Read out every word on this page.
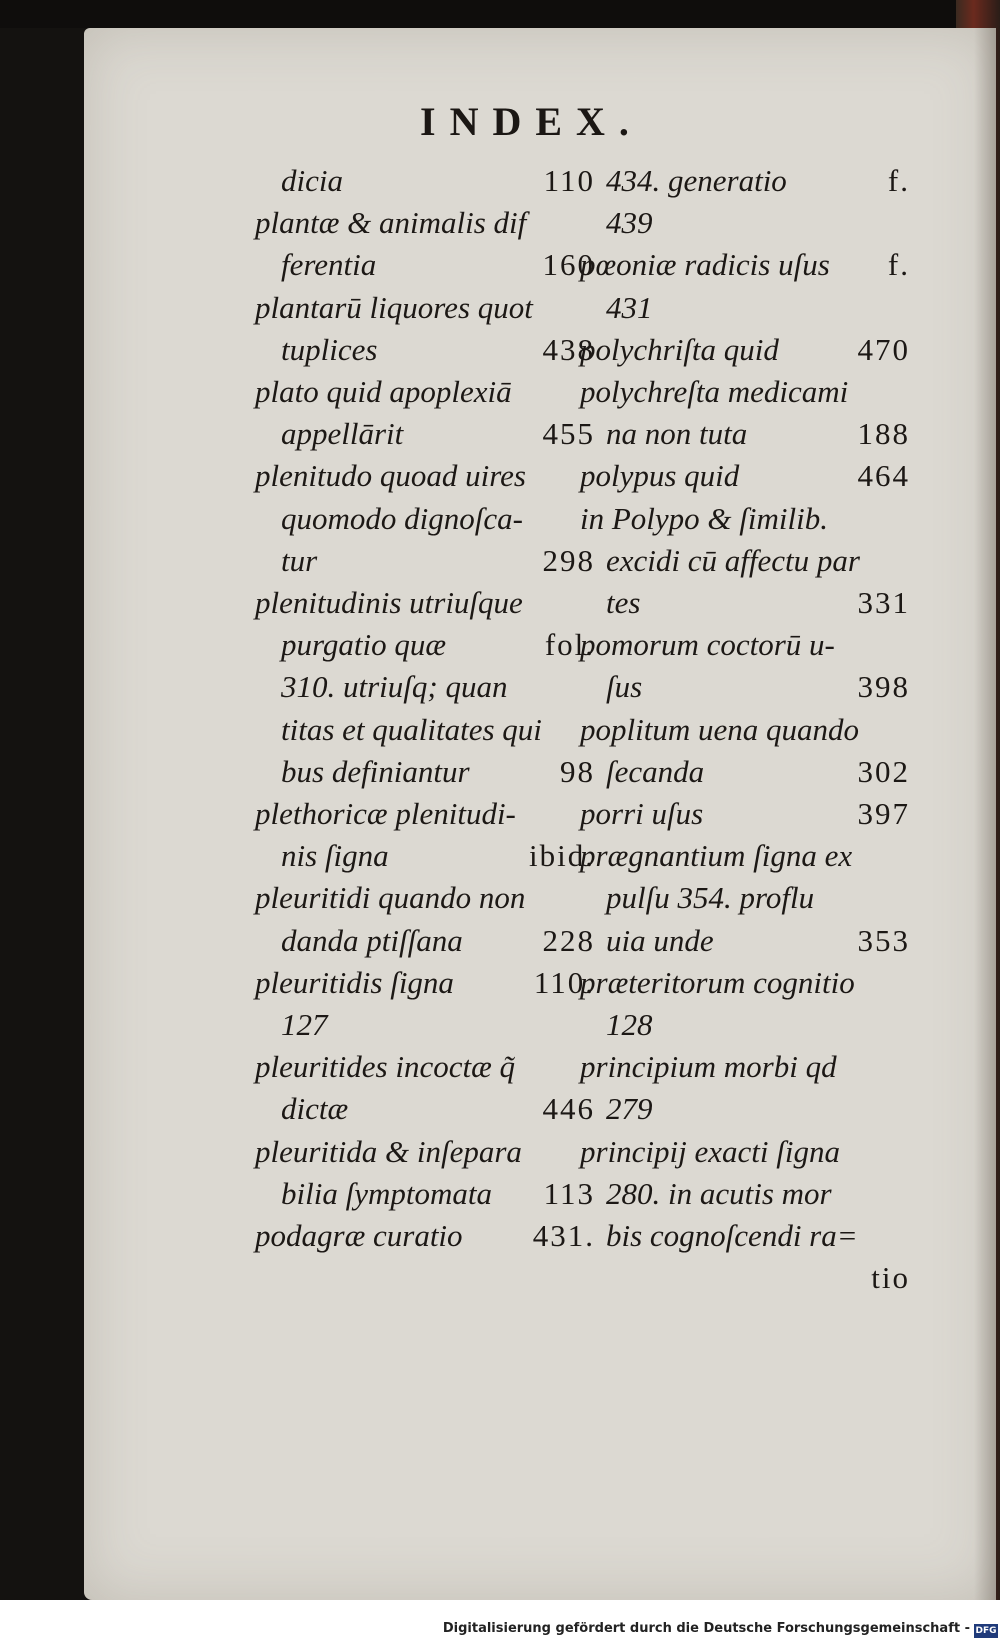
INDEX.
dicia	110
plantæ & animalis dif
ferentia	160
plantarū liquores quot
tuplices	438
plato quid apoplexiā
appellārit	455
plenitudo quoad uires
quomodo dignoſca-
tur	298
plenitudinis utriuſque
purgatio quæ	fol.
310. utriuſq; quan
titas et qualitates qui
bus definiantur	98
plethoricæ plenitudi-
nis ſigna	ibid.
pleuritidi quando non
danda ptiſſana	228
pleuritidis ſigna	110.
127
pleuritides incoctæ q̃
dictæ	446
pleuritida & inſepara
bilia ſymptomata 113
podagræ curatio 431.
434. generatio	f.
439
pœoniæ radicis uſus f.
431
polychriſta quid	470
polychreſta medicami
na non tuta	188
polypus quid	464
in Polypo & ſimilib.
excidi cū affectu par
tes	331
pomorum coctorū u-
ſus	398
poplitum uena quando
ſecanda	302
porri uſus	397
prægnantium ſigna ex
pulſu 354. proflu
uia unde	353
præteritorum cognitio
128
principium morbi qd
279
principij exacti ſigna
280. in acutis mor
bis cognoſcendi ra=
tio
Digitalisierung gefördert durch die Deutsche Forschungsgemeinschaft - DFG
